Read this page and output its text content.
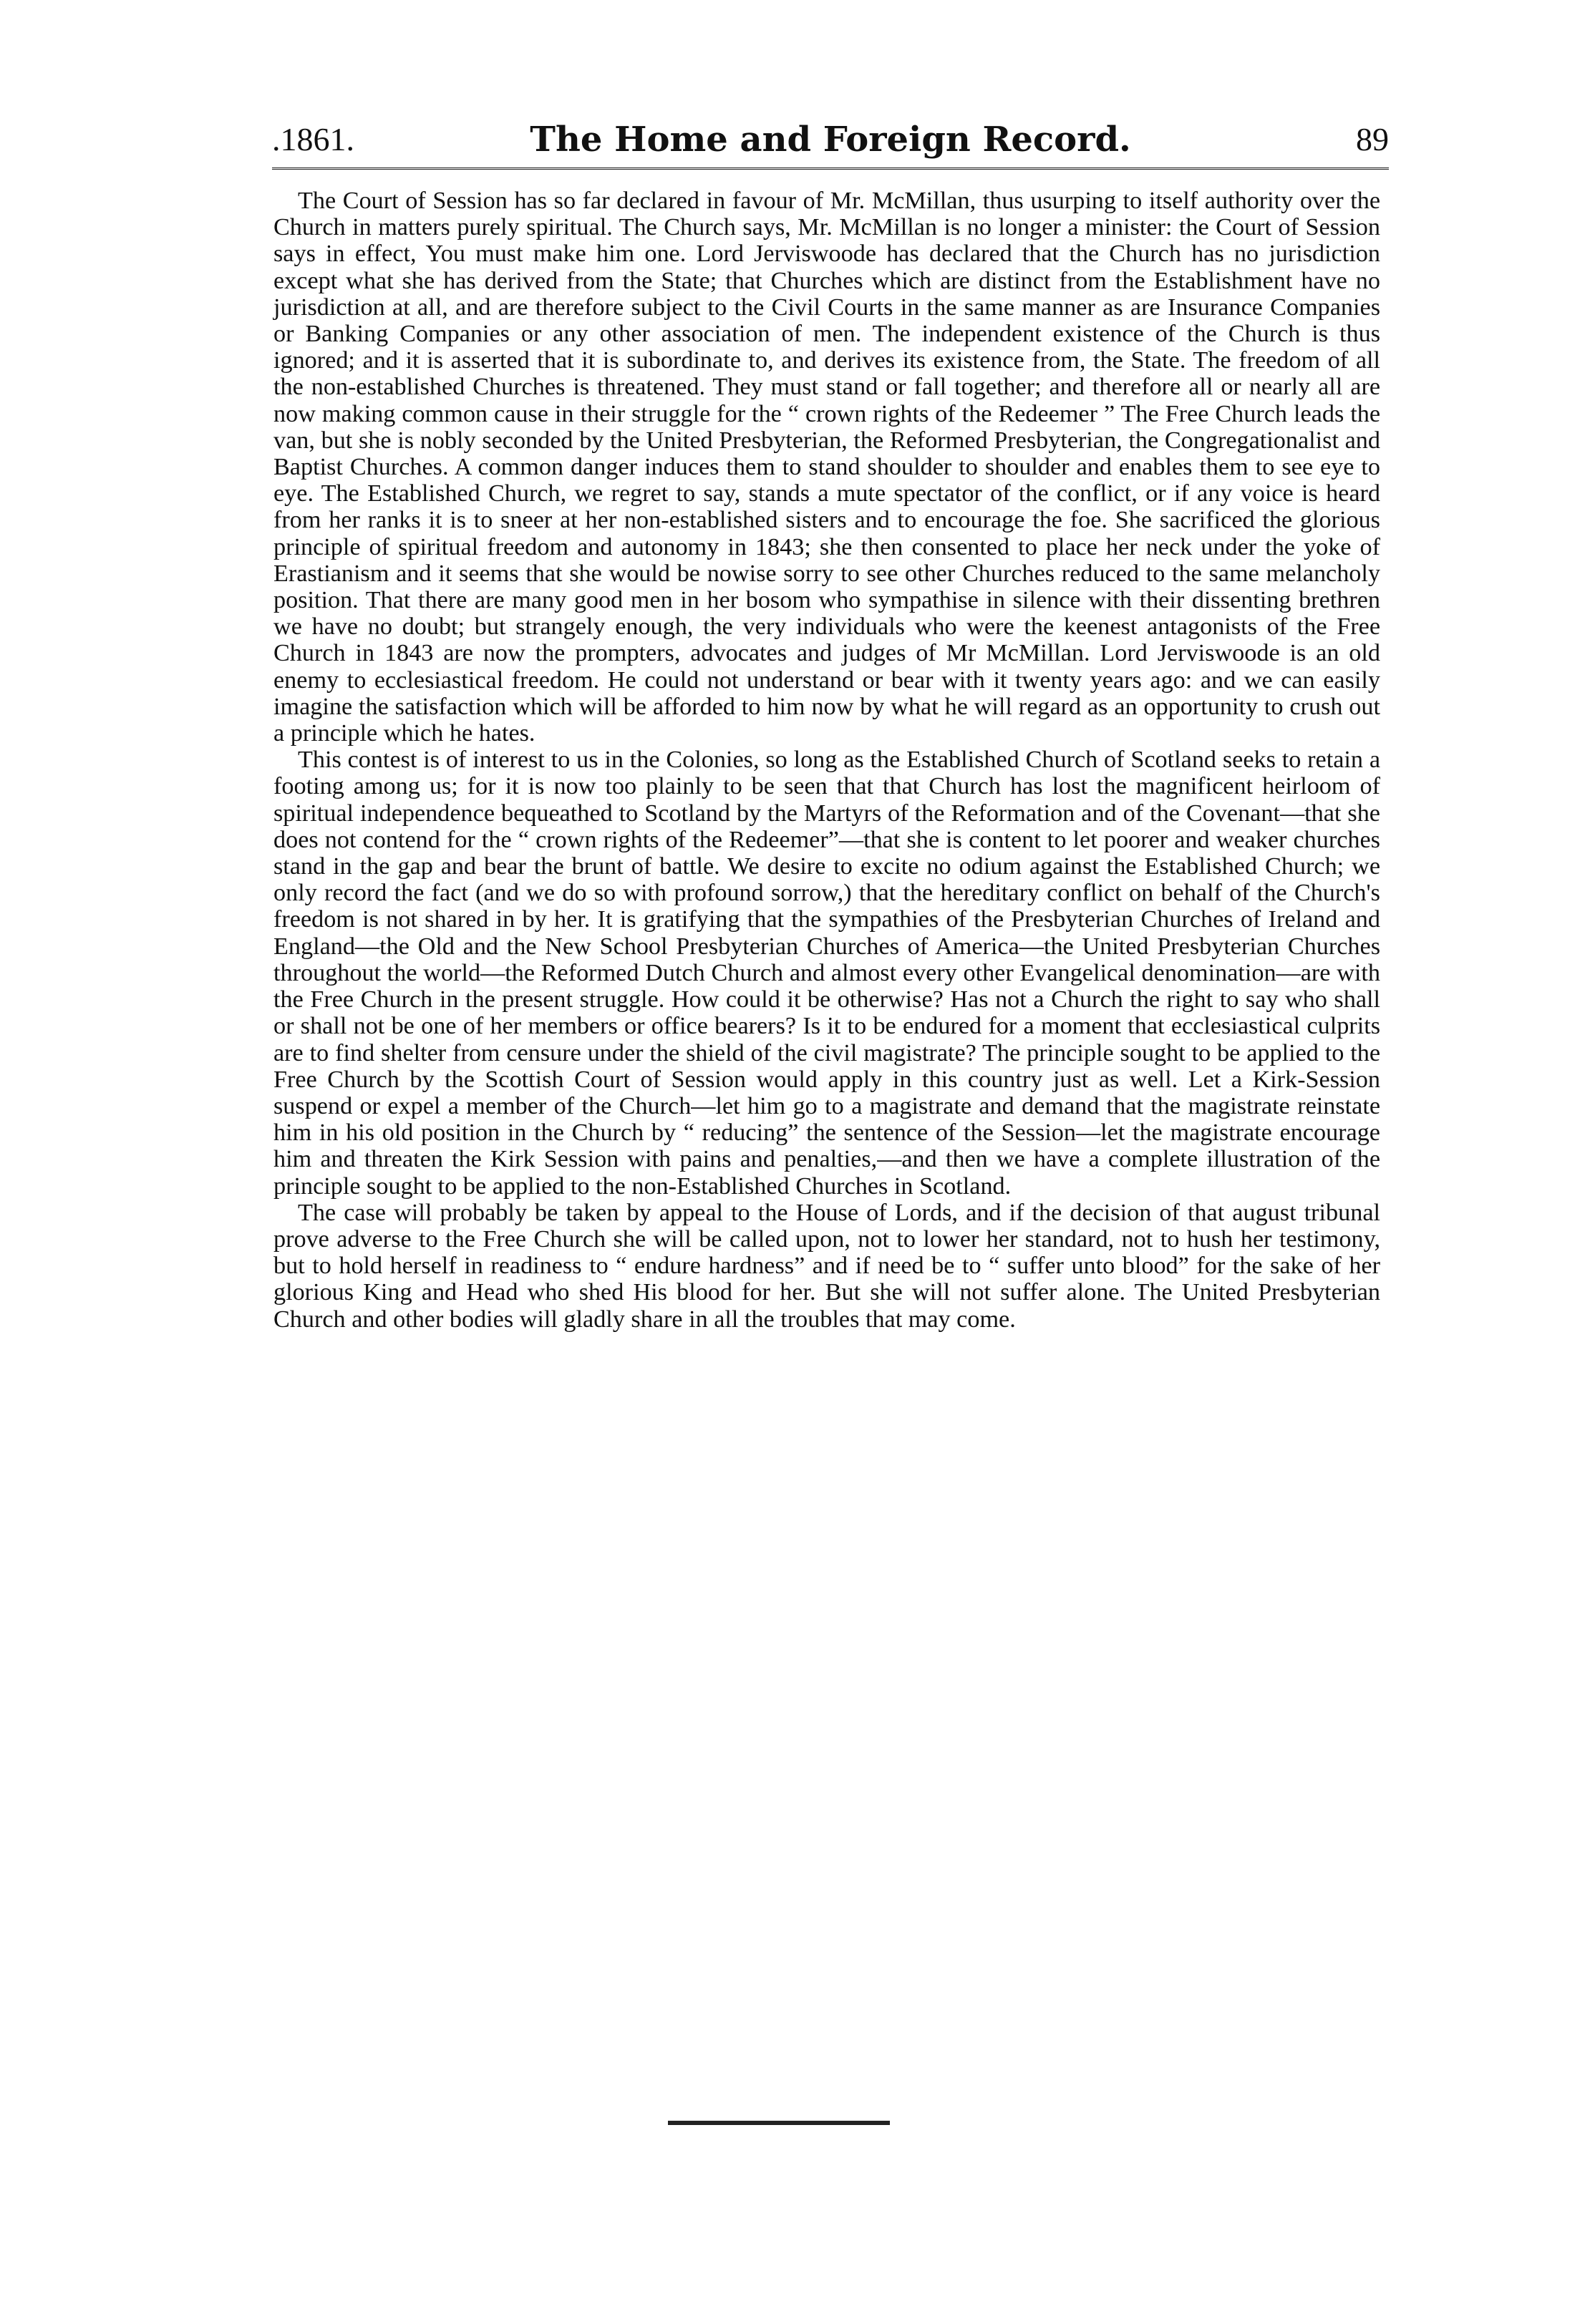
.1861.	The Home and Foreign Record.	89

The Court of Session has so far declared in favour of Mr. McMillan, thus usurping to itself authority over the Church in matters purely spiritual. The Church says, Mr. McMillan is no longer a minister: the Court of Session says in effect, You must make him one. Lord Jerviswoode has declared that the Church has no jurisdiction except what she has derived from the State; that Churches which are distinct from the Establishment have no jurisdiction at all, and are therefore subject to the Civil Courts in the same manner as are Insurance Companies or Banking Companies or any other association of men. The independent existence of the Church is thus ignored; and it is asserted that it is subordinate to, and derives its existence from, the State. The freedom of all the non-established Churches is threatened. They must stand or fall together; and therefore all or nearly all are now making common cause in their struggle for the “ crown rights of the Redeemer ” The Free Church leads the van, but she is nobly seconded by the United Presbyterian, the Reformed Presbyterian, the Congregationalist and Baptist Churches. A common danger induces them to stand shoulder to shoulder and enables them to see eye to eye. The Established Church, we regret to say, stands a mute spectator of the conflict, or if any voice is heard from her ranks it is to sneer at her non-established sisters and to encourage the foe. She sacrificed the glorious principle of spiritual freedom and autonomy in 1843; she then consented to place her neck under the yoke of Erastianism and it seems that she would be nowise sorry to see other Churches reduced to the same melancholy position. That there are many good men in her bosom who sympathise in silence with their dissenting brethren we have no doubt; but strangely enough, the very individuals who were the keenest antagonists of the Free Church in 1843 are now the prompters, advocates and judges of Mr McMillan. Lord Jerviswoode is an old enemy to ecclesiastical freedom. He could not understand or bear with it twenty years ago: and we can easily imagine the satisfaction which will be afforded to him now by what he will regard as an opportunity to crush out a principle which he hates.

This contest is of interest to us in the Colonies, so long as the Established Church of Scotland seeks to retain a footing among us; for it is now too plainly to be seen that that Church has lost the magnificent heirloom of spiritual independence bequeathed to Scotland by the Martyrs of the Reformation and of the Covenant—that she does not contend for the “ crown rights of the Redeemer”—that she is content to let poorer and weaker churches stand in the gap and bear the brunt of battle. We desire to excite no odium against the Established Church; we only record the fact (and we do so with profound sorrow,) that the hereditary conflict on behalf of the Church's freedom is not shared in by her. It is gratifying that the sympathies of the Presbyterian Churches of Ireland and England—the Old and the New School Presbyterian Churches of America—the United Presbyterian Churches throughout the world—the Reformed Dutch Church and almost every other Evangelical denomination—are with the Free Church in the present struggle. How could it be otherwise? Has not a Church the right to say who shall or shall not be one of her members or office bearers? Is it to be endured for a moment that ecclesiastical culprits are to find shelter from censure under the shield of the civil magistrate? The principle sought to be applied to the Free Church by the Scottish Court of Session would apply in this country just as well. Let a Kirk-Session suspend or expel a member of the Church—let him go to a magistrate and demand that the magistrate reinstate him in his old position in the Church by “ reducing” the sentence of the Session—let the magistrate encourage him and threaten the Kirk Session with pains and penalties,—and then we have a complete illustration of the principle sought to be applied to the non-Established Churches in Scotland.

The case will probably be taken by appeal to the House of Lords, and if the decision of that august tribunal prove adverse to the Free Church she will be called upon, not to lower her standard, not to hush her testimony, but to hold herself in readiness to “ endure hardness” and if need be to “ suffer unto blood” for the sake of her glorious King and Head who shed His blood for her. But she will not suffer alone. The United Presbyterian Church and other bodies will gladly share in all the troubles that may come.
